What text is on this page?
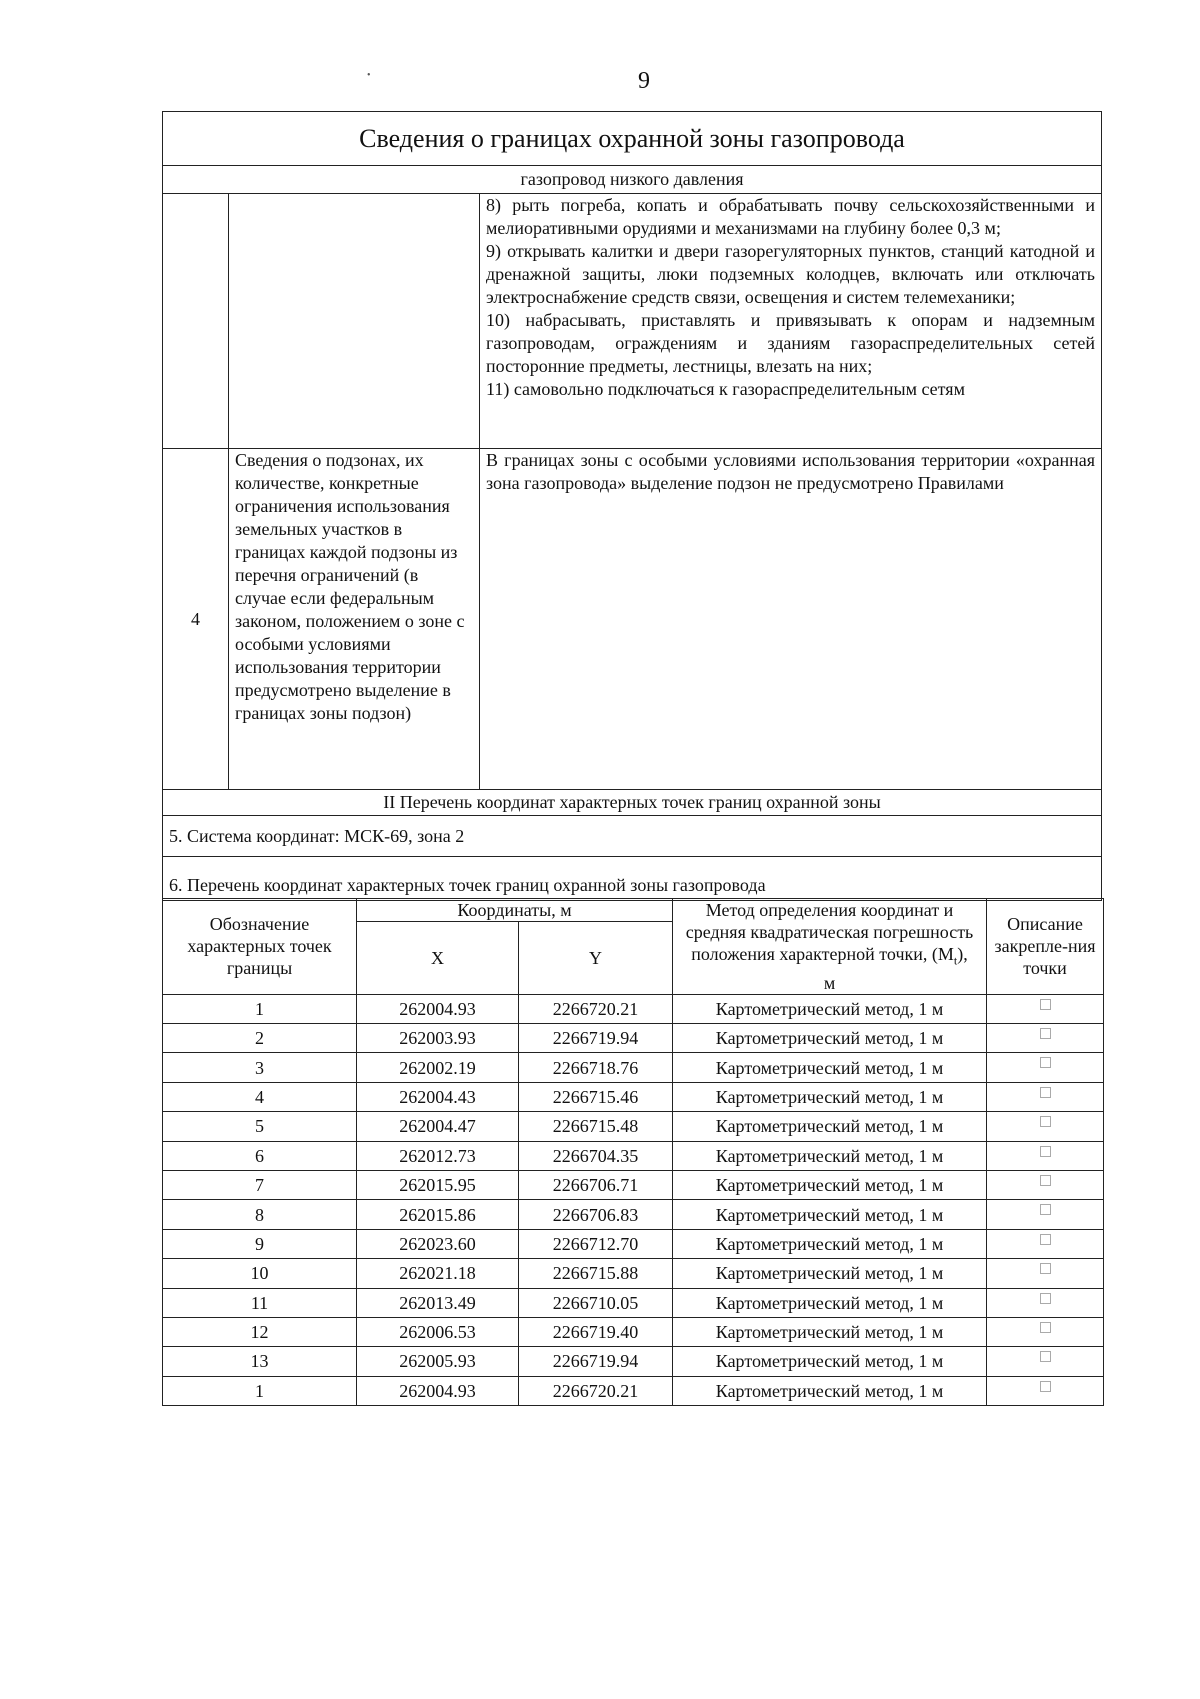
9
•
Сведения о границах охранной зоны газопровода		
газопровод низкого давления		

		8) рыть погреба, копать и обрабатывать почву сельскохозяйственными и мелиоративными орудиями и механизмами на глубину более 0,3 м;

9) открывать калитки и двери газорегуляторных пунктов, станций катодной и дренажной защиты, люки подземных колодцев, включать или отключать электроснабжение средств связи, освещения и систем телемеханики;

10) набрасывать, приставлять и привязывать к опорам и надземным газопроводам, ограждениям и зданиям газораспределительных сетей посторонние предметы, лестницы, влезать на них;

11) самовольно подключаться к газораспределительным сетям

4	Сведения о подзонах, их количестве, конкретные ограничения использования земельных участков в границах каждой подзоны из перечня ограничений (в случае если федеральным законом, положением о зоне с особыми условиями использования территории предусмотрено выделение в границах зоны подзон)	В границах зоны с особыми условиями использования территории «охранная зона газопровода» выделение подзон не предусмотрено Правилами
II Перечень координат характерных точек границ охранной зоны		
5. Система координат: МСК-69, зона 2		
6. Перечень координат характерных точек границ охранной зоны газопровода		
Обозначение характерных точек границы	Координаты, м		Метод определения координат и средняя квадратическая погрешность положения характерной точки, $(M_t)$, м	Описание закрепле-ния точки
	X	Y		
1	262004.93	2266720.21	Картометрический метод, 1 м	
2	262003.93	2266719.94	Картометрический метод, 1 м	
3	262002.19	2266718.76	Картометрический метод, 1 м	
4	262004.43	2266715.46	Картометрический метод, 1 м	
5	262004.47	2266715.48	Картометрический метод, 1 м	
6	262012.73	2266704.35	Картометрический метод, 1 м	
7	262015.95	2266706.71	Картометрический метод, 1 м	
8	262015.86	2266706.83	Картометрический метод, 1 м	
9	262023.60	2266712.70	Картометрический метод, 1 м	
10	262021.18	2266715.88	Картометрический метод, 1 м	
11	262013.49	2266710.05	Картометрический метод, 1 м	
12	262006.53	2266719.40	Картометрический метод, 1 м	
13	262005.93	2266719.94	Картометрический метод, 1 м	
1	262004.93	2266720.21	Картометрический метод, 1 м	
